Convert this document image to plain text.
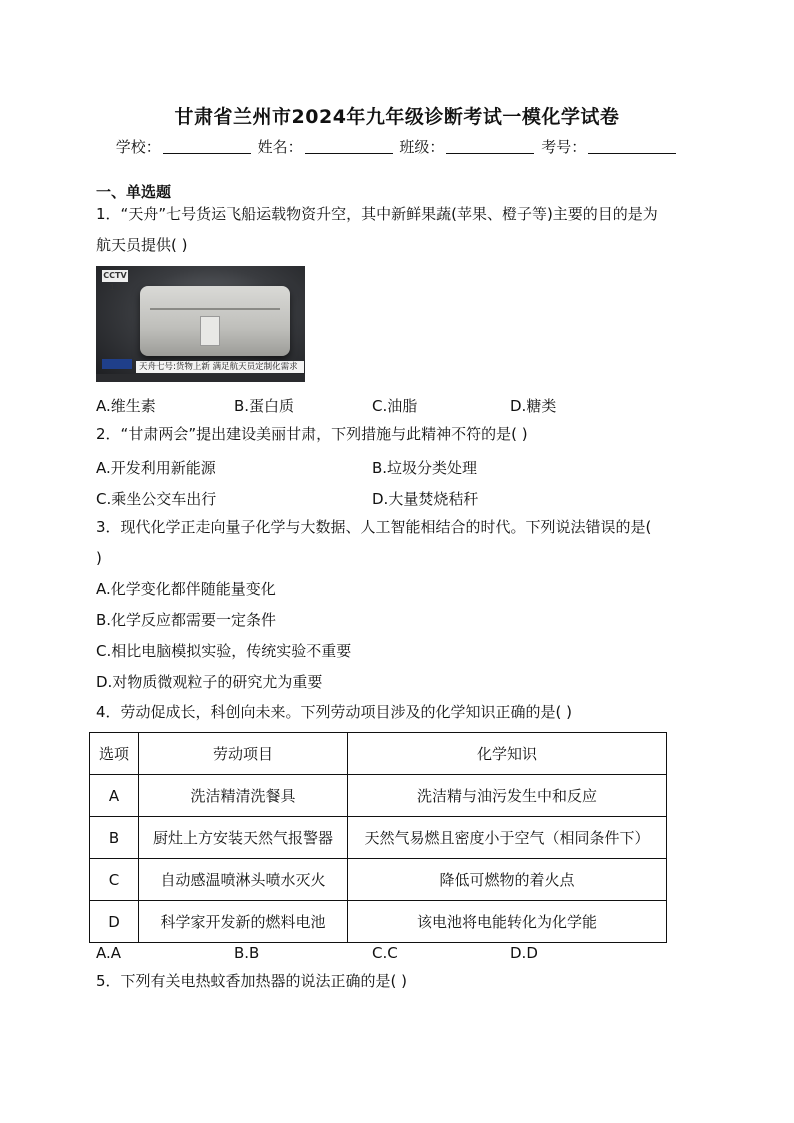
甘肃省兰州市2024年九年级诊断考试一模化学试卷
学校：	姓名：	班级：	考号：
一、单选题
1．“天舟”七号货运飞船运载物资升空，其中新鲜果蔬(苹果、橙子等)主要的目的是为
航天员提供( )
CCTV 13
天舟七号:货物上新 满足航天员定制化需求
A.维生素	B.蛋白质	C.油脂	D.糖类
2．“甘肃两会”提出建设美丽甘肃，下列措施与此精神不符的是( )
A.开发利用新能源	B.垃圾分类处理
C.乘坐公交车出行	D.大量焚烧秸秆
3．现代化学正走向量子化学与大数据、人工智能相结合的时代。下列说法错误的是(
)
A.化学变化都伴随能量变化
B.化学反应都需要一定条件
C.相比电脑模拟实验，传统实验不重要
D.对物质微观粒子的研究尤为重要
4．劳动促成长，科创向未来。下列劳动项目涉及的化学知识正确的是( )
选项	劳动项目	化学知识
A	洗洁精清洗餐具	洗洁精与油污发生中和反应
B	厨灶上方安装天然气报警器	天然气易燃且密度小于空气（相同条件下）
C	自动感温喷淋头喷水灭火	降低可燃物的着火点
D	科学家开发新的燃料电池	该电池将电能转化为化学能
A.A	B.B	C.C	D.D
5．下列有关电热蚊香加热器的说法正确的是( )
